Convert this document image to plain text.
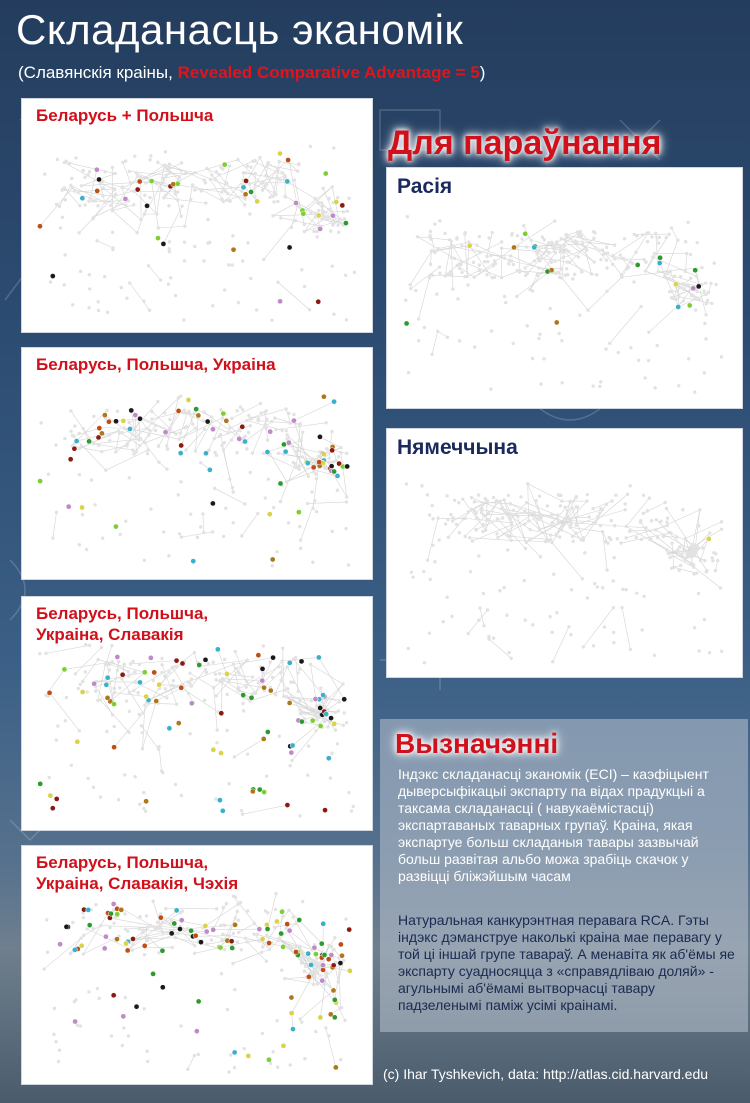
Складанасць эканомік
(Славянскія краіны, Revealed Comparative Advantage = 5)
Беларусь + Польшча
Беларусь, Польшча, Украіна
Беларусь, Польшча,
Украіна, Славакія
Беларусь, Польшча,
Украіна, Славакія, Чэхія
Для параўнання
Расія
Нямеччына
Вызначэнні
Індэкс складанасці эканомік (ECI) – каэфіцыент дыверсыфікацыі экспарту па відах прадукцыі а таксама складанасці ( навукаёмістасці) экспартаваных таварных групаў. Краіна, якая экспартуе больш складаныя тавары зазвычай больш развітая альбо можа зрабіць скачок у развіцці бліжэйшым часам
Натуральная канкурэнтная перавага RCA. Гэты індэкс дэманструе наколькі краіна мае перавагу у той ці іншай групе тавараў. А менавіта як аб'ёмы яе экспарту суадносяцца з «справядліваю доляй» - агульнымі аб'ёмамі вытворчасці тавару падзеленымі паміж усімі краінамі.
(c) Ihar Tyshkevich, data: http://atlas.cid.harvard.edu
